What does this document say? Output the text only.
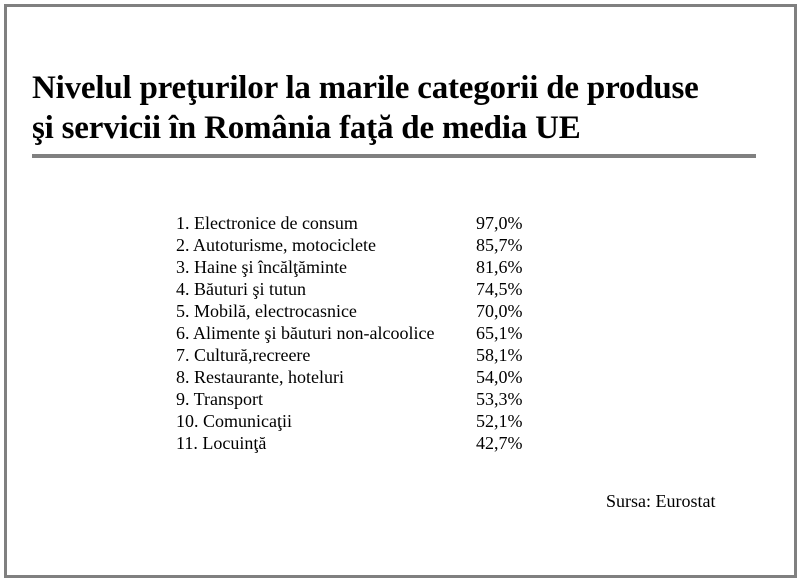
Nivelul preţurilor la marile categorii de produse
şi servicii în România faţă de media UE
1. Electronice de consum	97,0%
2. Autoturisme, motociclete	85,7%
3. Haine şi încălţăminte	81,6%
4. Băuturi şi tutun	74,5%
5. Mobilă, electrocasnice	70,0%
6. Alimente şi băuturi non-alcoolice	65,1%
7. Cultură,recreere	58,1%
8. Restaurante, hoteluri	54,0%
9. Transport	53,3%
10. Comunicaţii	52,1%
11. Locuinţă	42,7%
Sursa: Eurostat
